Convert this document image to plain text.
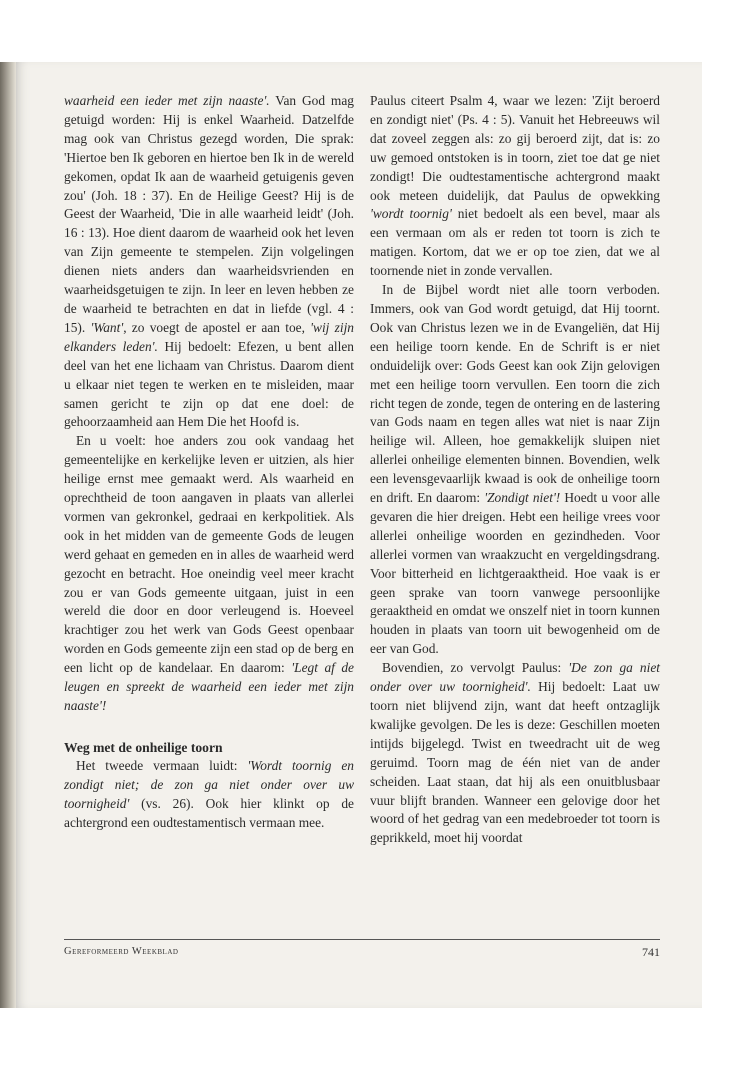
waarheid een ieder met zijn naaste'. Van God mag getuigd worden: Hij is enkel Waarheid. Datzelfde mag ook van Christus gezegd worden, Die sprak: 'Hiertoe ben Ik geboren en hiertoe ben Ik in de wereld gekomen, opdat Ik aan de waarheid getuigenis geven zou' (Joh. 18 : 37). En de Heilige Geest? Hij is de Geest der Waarheid, 'Die in alle waarheid leidt' (Joh. 16 : 13). Hoe dient daarom de waarheid ook het leven van Zijn gemeente te stempelen. Zijn volgelingen dienen niets anders dan waarheidsvrienden en waarheidsgetuigen te zijn. In leer en leven hebben ze de waarheid te betrachten en dat in liefde (vgl. 4 : 15). 'Want', zo voegt de apostel er aan toe, 'wij zijn elkanders leden'. Hij bedoelt: Efezen, u bent allen deel van het ene lichaam van Christus. Daarom dient u elkaar niet tegen te werken en te misleiden, maar samen gericht te zijn op dat ene doel: de gehoorzaamheid aan Hem Die het Hoofd is.

En u voelt: hoe anders zou ook vandaag het gemeentelijke en kerkelijke leven er uitzien, als hier heilige ernst mee gemaakt werd. Als waarheid en oprechtheid de toon aangaven in plaats van allerlei vormen van gekronkel, gedraai en kerkpolitiek. Als ook in het midden van de gemeente Gods de leugen werd gehaat en gemeden en in alles de waarheid werd gezocht en betracht. Hoe oneindig veel meer kracht zou er van Gods gemeente uitgaan, juist in een wereld die door en door verleugend is. Hoeveel krachtiger zou het werk van Gods Geest openbaar worden en Gods gemeente zijn een stad op de berg en een licht op de kandelaar. En daarom: 'Legt af de leugen en spreekt de waarheid een ieder met zijn naaste'!

Weg met de onheilige toorn

Het tweede vermaan luidt: 'Wordt toornig en zondigt niet; de zon ga niet onder over uw toornigheid' (vs. 26). Ook hier klinkt op de achtergrond een oudtestamentisch vermaan mee.

Paulus citeert Psalm 4, waar we lezen: 'Zijt beroerd en zondigt niet' (Ps. 4 : 5). Vanuit het Hebreeuws wil dat zoveel zeggen als: zo gij beroerd zijt, dat is: zo uw gemoed ontstoken is in toorn, ziet toe dat ge niet zondigt! Die oudtestamentische achtergrond maakt ook meteen duidelijk, dat Paulus de opwekking 'wordt toornig' niet bedoelt als een bevel, maar als een vermaan om als er reden tot toorn is zich te matigen. Kortom, dat we er op toe zien, dat we al toornende niet in zonde vervallen.

In de Bijbel wordt niet alle toorn verboden. Immers, ook van God wordt getuigd, dat Hij toornt. Ook van Christus lezen we in de Evangeliën, dat Hij een heilige toorn kende. En de Schrift is er niet onduidelijk over: Gods Geest kan ook Zijn gelovigen met een heilige toorn vervullen. Een toorn die zich richt tegen de zonde, tegen de ontering en de lastering van Gods naam en tegen alles wat niet is naar Zijn heilige wil. Alleen, hoe gemakkelijk sluipen niet allerlei onheilige elementen binnen. Bovendien, welk een levensgevaarlijk kwaad is ook de onheilige toorn en drift. En daarom: 'Zondigt niet'! Hoedt u voor alle gevaren die hier dreigen. Hebt een heilige vrees voor allerlei onheilige woorden en gezindheden. Voor allerlei vormen van wraakzucht en vergeldingsdrang. Voor bitterheid en lichtgeraaktheid. Hoe vaak is er geen sprake van toorn vanwege persoonlijke geraaktheid en omdat we onszelf niet in toorn kunnen houden in plaats van toorn uit bewogenheid om de eer van God.

Bovendien, zo vervolgt Paulus: 'De zon ga niet onder over uw toornigheid'. Hij bedoelt: Laat uw toorn niet blijvend zijn, want dat heeft ontzaglijk kwalijke gevolgen. De les is deze: Geschillen moeten intijds bijgelegd. Twist en tweedracht uit de weg geruimd. Toorn mag de één niet van de ander scheiden. Laat staan, dat hij als een onuitblusbaar vuur blijft branden. Wanneer een gelovige door het woord of het gedrag van een medebroeder tot toorn is geprikkeld, moet hij voordat

Gereformeerd Weekblad	741
